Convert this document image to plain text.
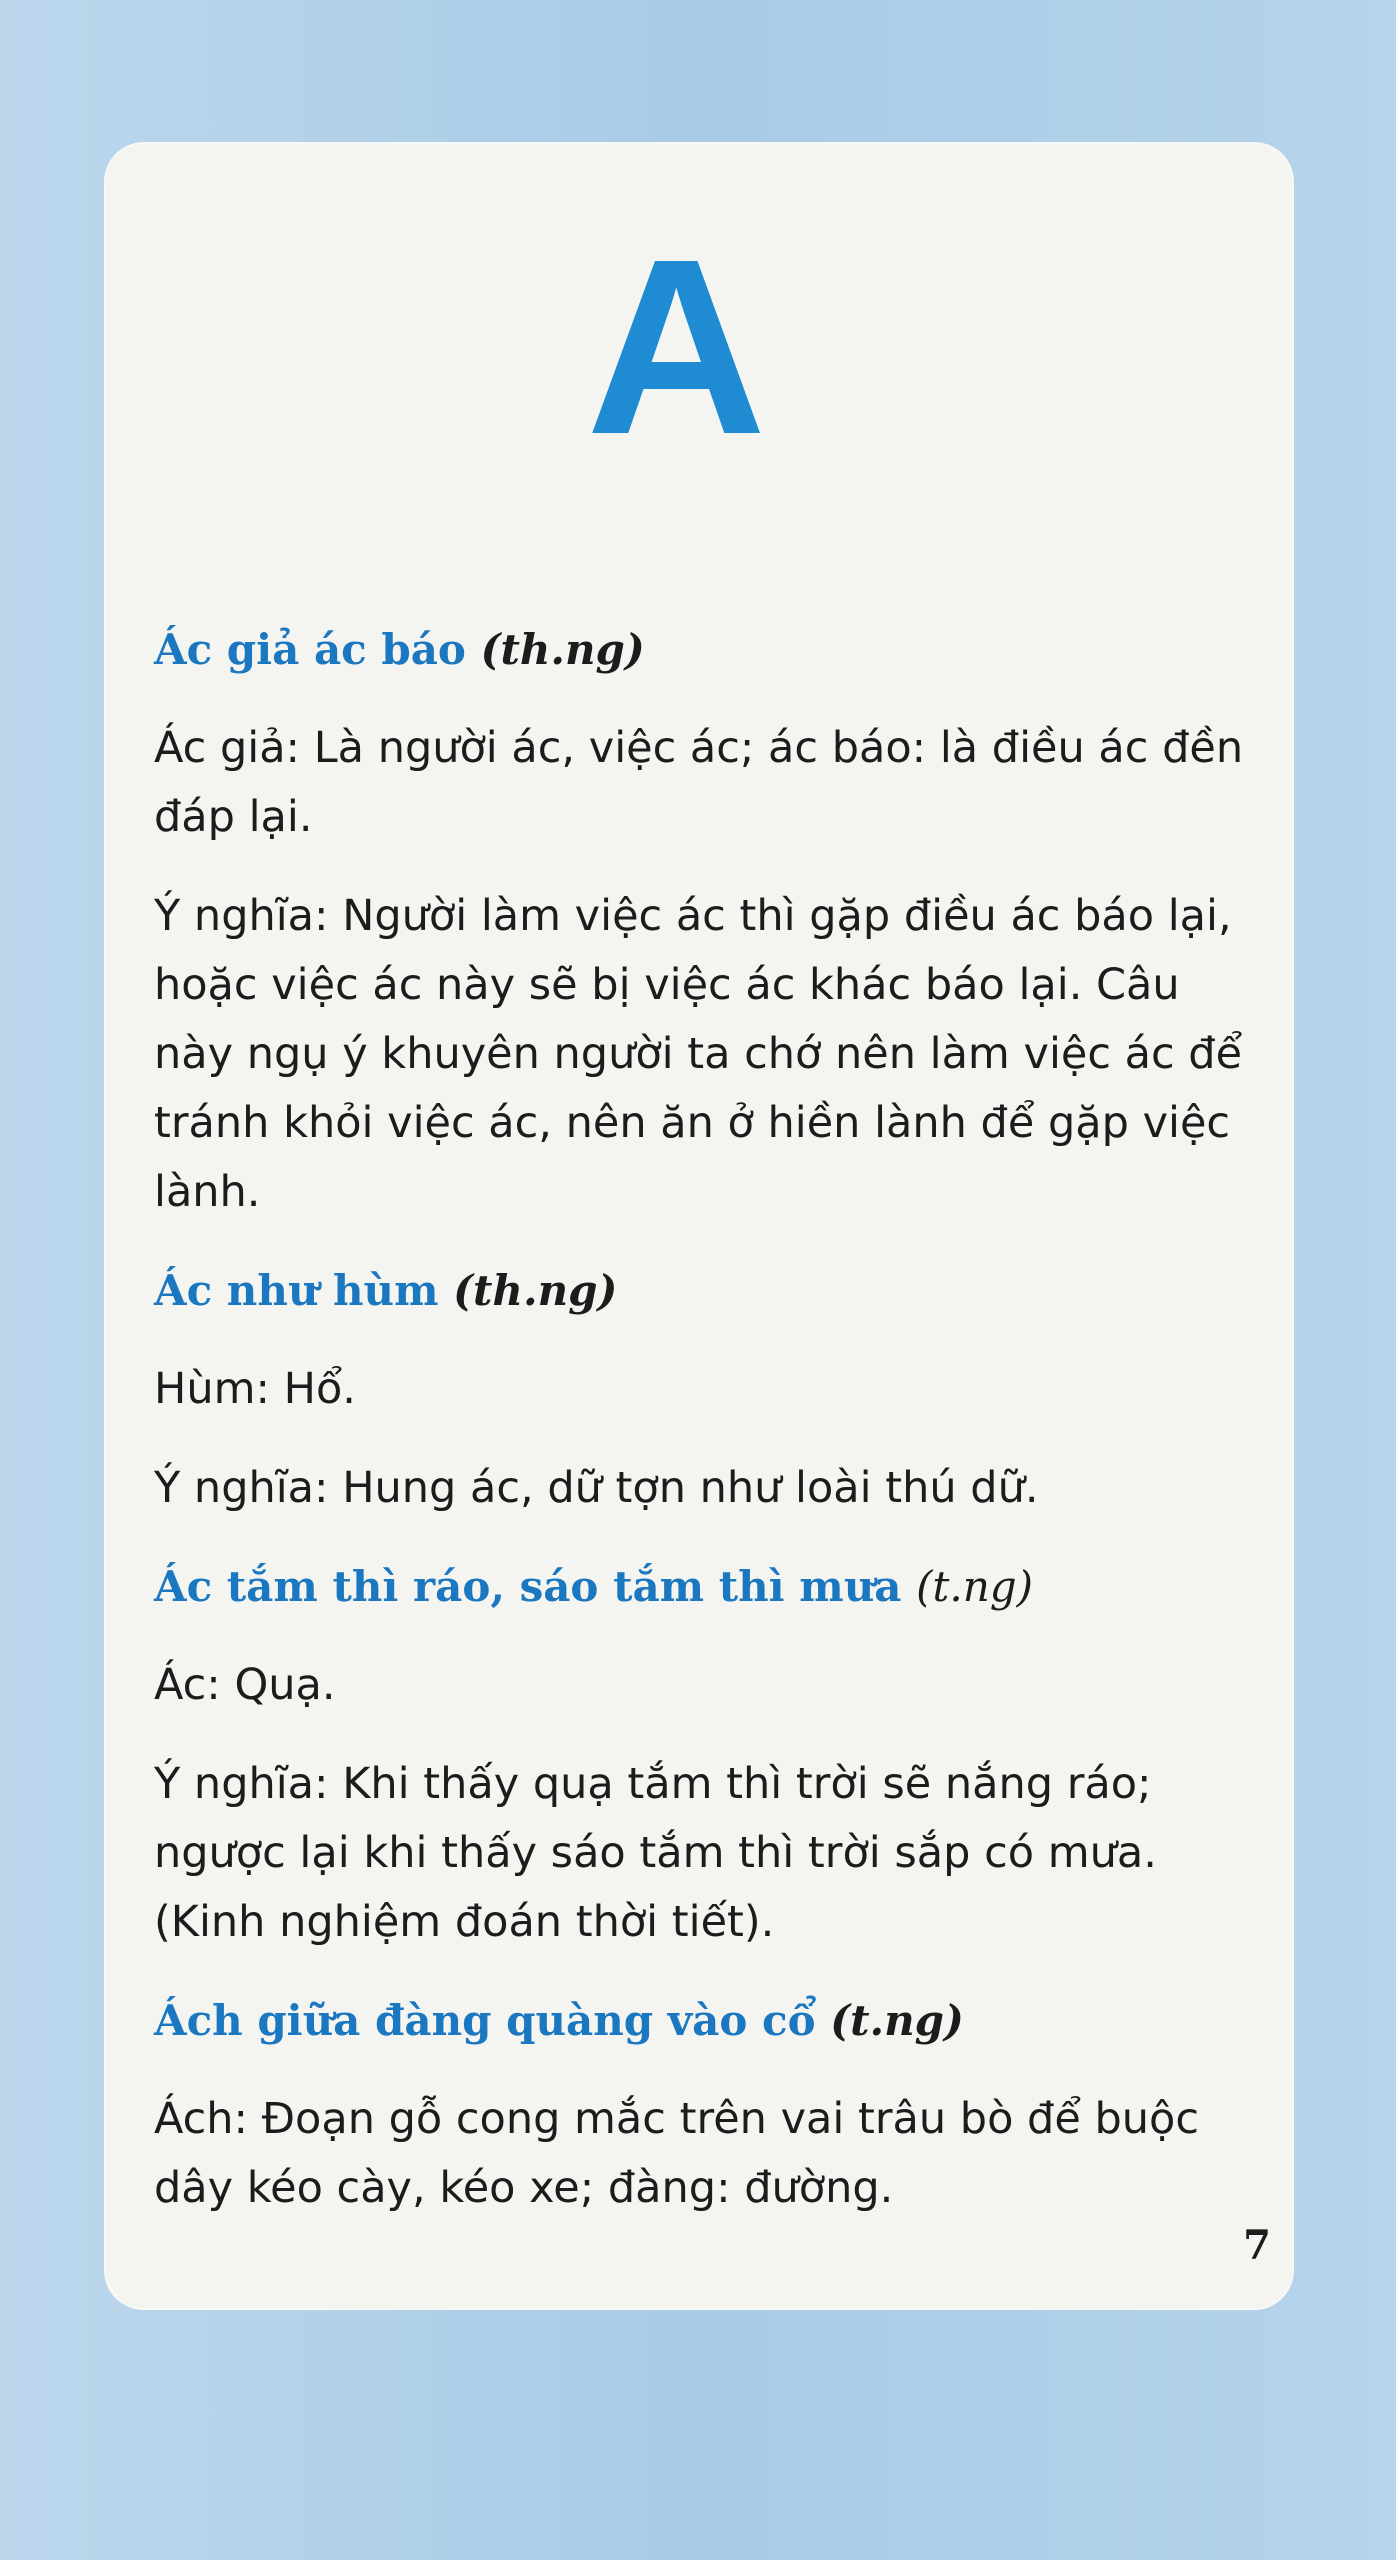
A
Ác giả ác báo (th.ng)

Ác giả: Là người ác, việc ác; ác báo: là điều ác đền đáp lại.

Ý nghĩa: Người làm việc ác thì gặp điều ác báo lại, hoặc việc ác này sẽ bị việc ác khác báo lại. Câu này ngụ ý khuyên người ta chớ nên làm việc ác để tránh khỏi việc ác, nên ăn ở hiền lành để gặp việc lành.

Ác như hùm (th.ng)

Hùm: Hổ.

Ý nghĩa: Hung ác, dữ tợn như loài thú dữ.

Ác tắm thì ráo, sáo tắm thì mưa (t.ng)

Ác: Quạ.

Ý nghĩa: Khi thấy quạ tắm thì trời sẽ nắng ráo; ngược lại khi thấy sáo tắm thì trời sắp có mưa. (Kinh nghiệm đoán thời tiết).

Ách giữa đàng quàng vào cổ (t.ng)

Ách: Đoạn gỗ cong mắc trên vai trâu bò để buộc dây kéo cày, kéo xe; đàng: đường.

7
